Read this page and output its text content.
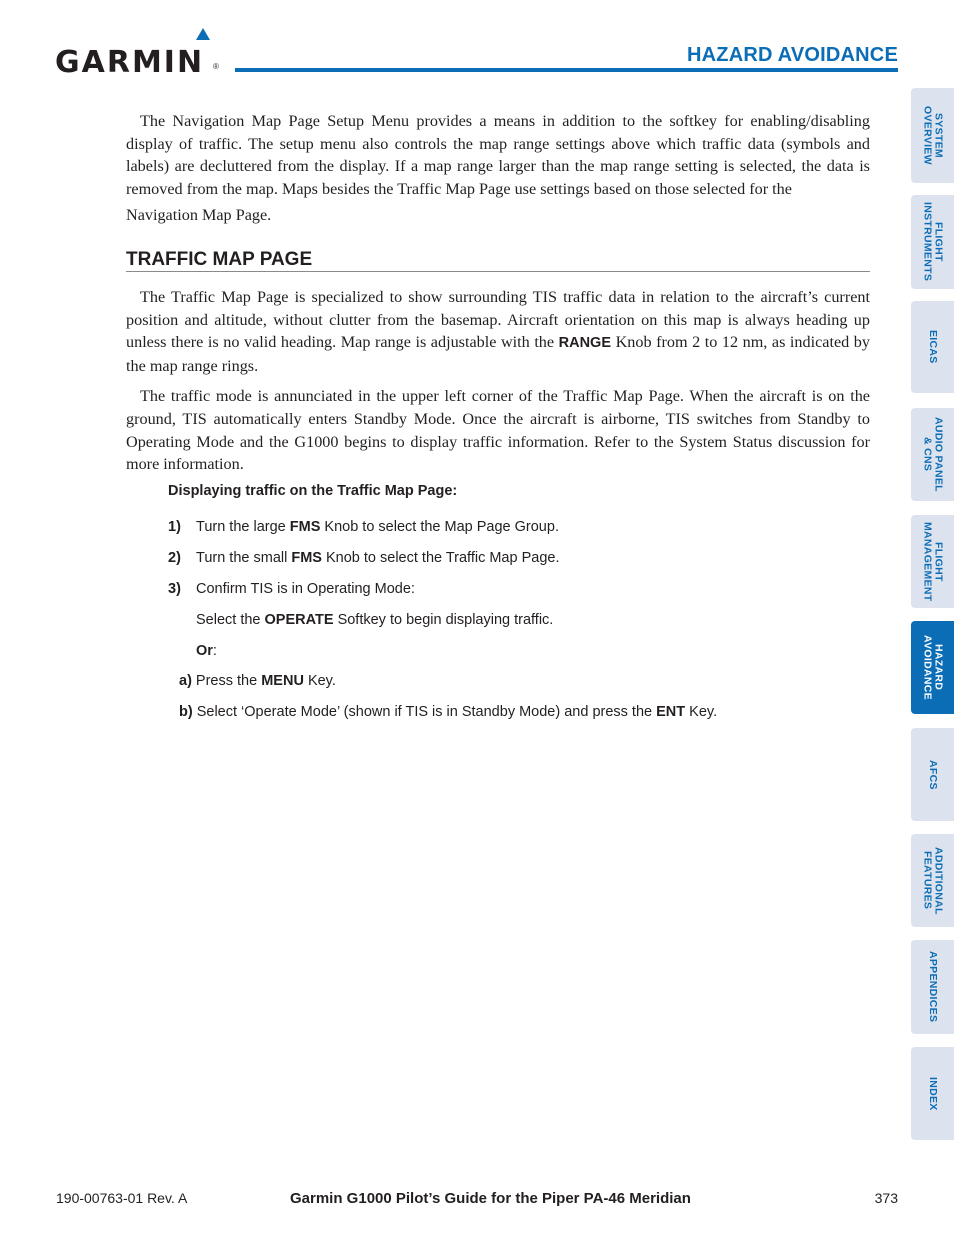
GARMIN ®
HAZARD AVOIDANCE

The Navigation Map Page Setup Menu provides a means in addition to the softkey for enabling/disabling display of traffic. The setup menu also controls the map range settings above which traffic data (symbols and labels) are decluttered from the display. If a map range larger than the map range setting is selected, the data is removed from the map. Maps besides the Traffic Map Page use settings based on those selected for the

Navigation Map Page.

TRAFFIC MAP PAGE

The Traffic Map Page is specialized to show surrounding TIS traffic data in relation to the aircraft’s current position and altitude, without clutter from the basemap. Aircraft orientation on this map is always heading up unless there is no valid heading. Map range is adjustable with the RANGE Knob from 2 to 12 nm, as indicated by the map range rings.

The traffic mode is annunciated in the upper left corner of the Traffic Map Page. When the aircraft is on the ground, TIS automatically enters Standby Mode. Once the aircraft is airborne, TIS switches from Standby to Operating Mode and the G1000 begins to display traffic information. Refer to the System Status discussion for more information.

Displaying traffic on the Traffic Map Page:
1) Turn the large FMS Knob to select the Map Page Group.
2) Turn the small FMS Knob to select the Traffic Map Page.
3) Confirm TIS is in Operating Mode:
Select the OPERATE Softkey to begin displaying traffic.
Or:
a) Press the MENU Key.
b) Select ‘Operate Mode’ (shown if TIS is in Standby Mode) and press the ENT Key.
SYSTEM
OVERVIEW
FLIGHT
INSTRUMENTS
EICAS
AUDIO PANEL
& CNS
FLIGHT
MANAGEMENT
HAZARD
AVOIDANCE
AFCS
ADDITIONAL
FEATURES
APPENDICES
INDEX
190-00763-01 Rev. A	Garmin G1000 Pilot’s Guide for the Piper PA-46 Meridian	373
